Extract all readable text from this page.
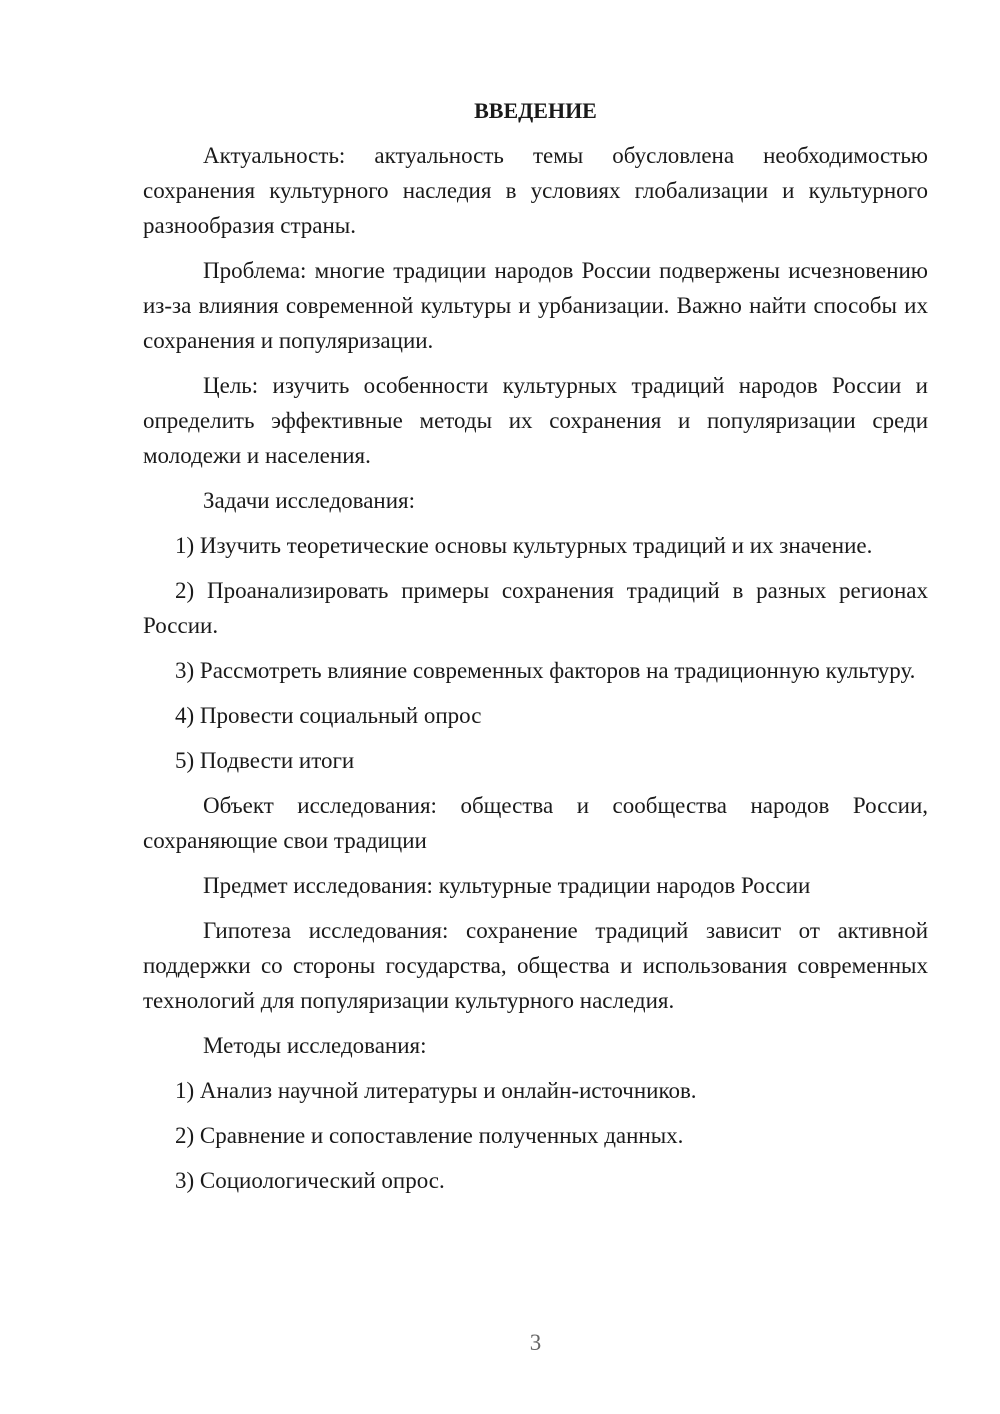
ВВЕДЕНИЕ
Актуальность: актуальность темы обусловлена необходимостью сохранения культурного наследия в условиях глобализации и культурного разнообразия страны.
Проблема: многие традиции народов России подвержены исчезновению из-за влияния современной культуры и урбанизации. Важно найти способы их сохранения и популяризации.
Цель: изучить особенности культурных традиций народов России и определить эффективные методы их сохранения и популяризации среди молодежи и населения.
Задачи исследования:
1) Изучить теоретические основы культурных традиций и их значение.
2) Проанализировать примеры сохранения традиций в разных регионах России.
3) Рассмотреть влияние современных факторов на традиционную культуру.
4) Провести социальный опрос
5) Подвести итоги
Объект исследования: общества и сообщества народов России, сохраняющие свои традиции
Предмет исследования: культурные традиции народов России
Гипотеза исследования: сохранение традиций зависит от активной поддержки со стороны государства, общества и использования современных технологий для популяризации культурного наследия.
Методы исследования:
1) Анализ научной литературы и онлайн-источников.
2) Сравнение и сопоставление полученных данных.
3) Социологический опрос.
3
